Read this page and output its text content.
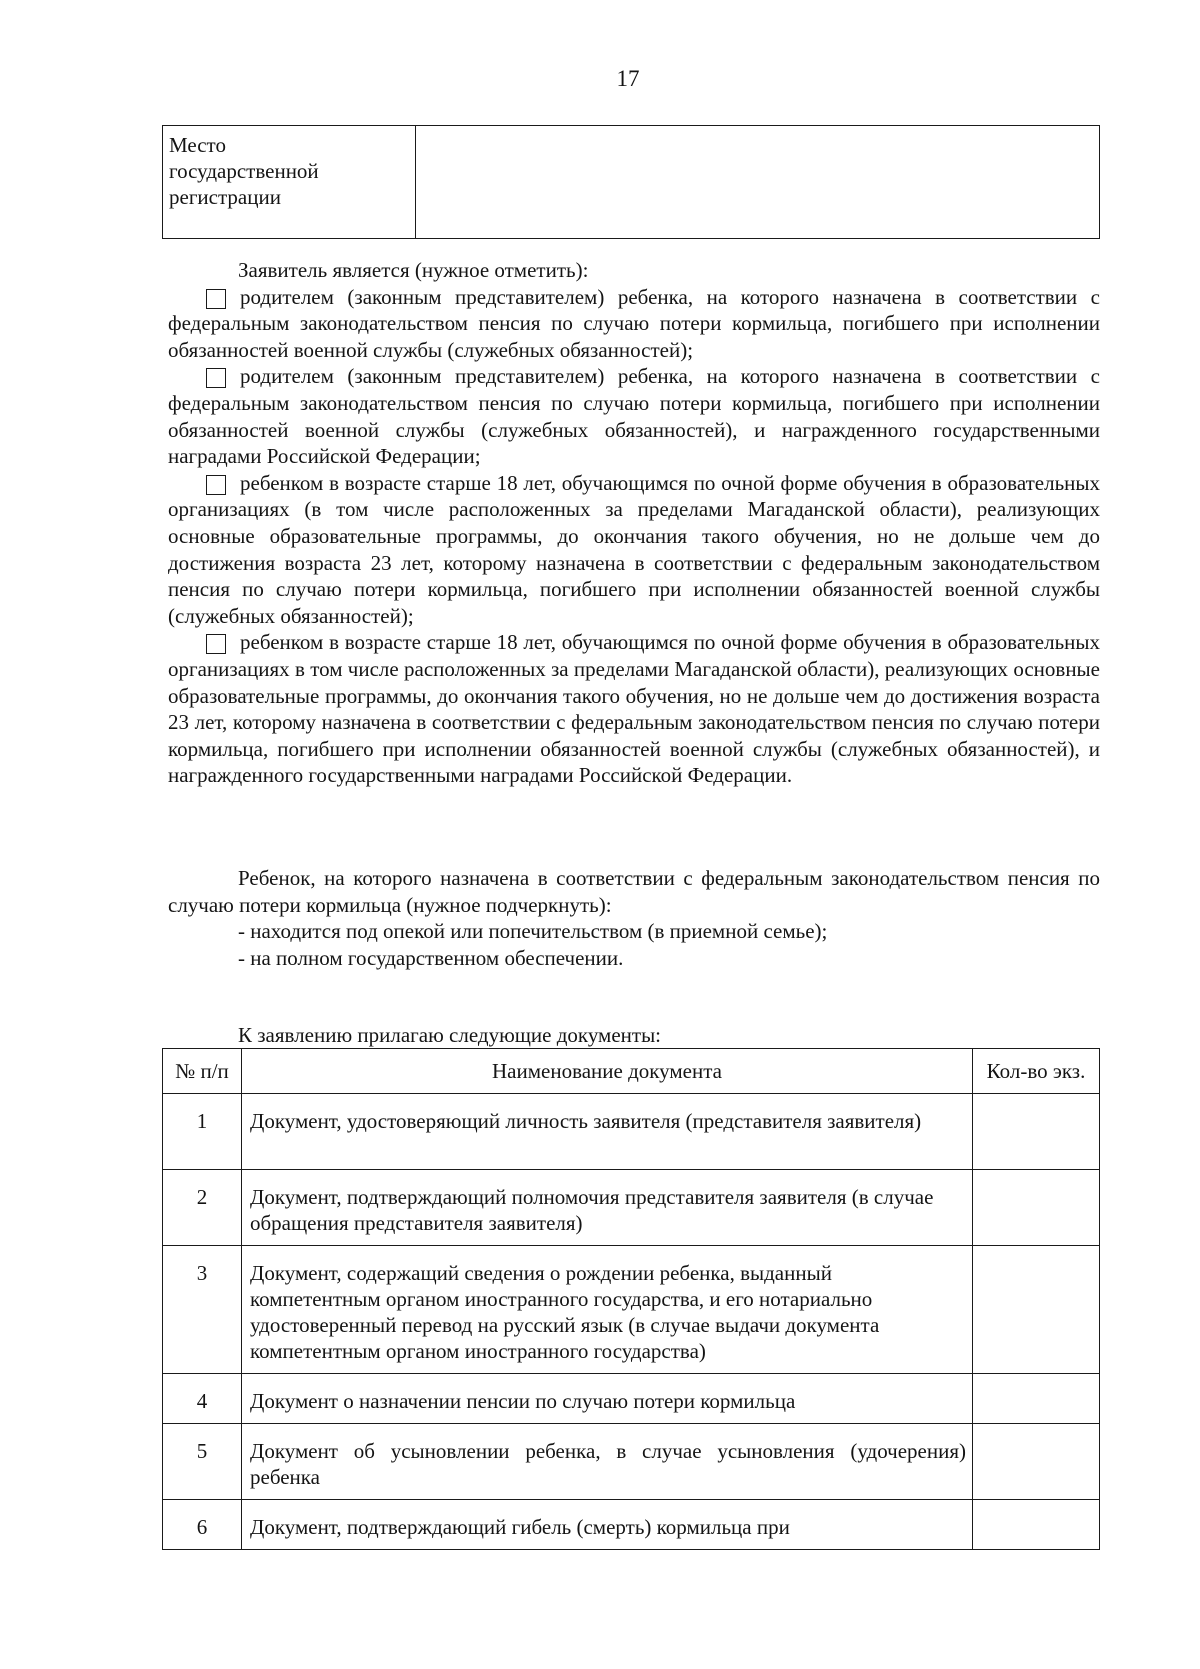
17
Место
государственной
регистрации	
Заявитель является (нужное отметить):
родителем (законным представителем) ребенка, на которого назначена в соответствии с федеральным законодательством пенсия по случаю потери кормильца, погибшего при исполнении обязанностей военной службы (служебных обязанностей);
родителем (законным представителем) ребенка, на которого назначена в соответствии с федеральным законодательством пенсия по случаю потери кормильца, погибшего при исполнении обязанностей военной службы (служебных обязанностей), и награжденного государственными наградами Российской Федерации;
ребенком в возрасте старше 18 лет, обучающимся по очной форме обучения в образовательных организациях (в том числе расположенных за пределами Магаданской области), реализующих основные образовательные программы, до окончания такого обучения, но не дольше чем до достижения возраста 23 лет, которому назначена в соответствии с федеральным законодательством пенсия по случаю потери кормильца, погибшего при исполнении обязанностей военной службы (служебных обязанностей);
ребенком в возрасте старше 18 лет, обучающимся по очной форме обучения в образовательных организациях в том числе расположенных за пределами Магаданской области), реализующих основные образовательные программы, до окончания такого обучения, но не дольше чем до достижения возраста 23 лет, которому назначена в соответствии с федеральным законодательством пенсия по случаю потери кормильца, погибшего при исполнении обязанностей военной службы (служебных обязанностей), и награжденного государственными наградами Российской Федерации.
Ребенок, на которого назначена в соответствии с федеральным законодательством пенсия по случаю потери кормильца (нужное подчеркнуть):
- находится под опекой или попечительством (в приемной семье);
- на полном государственном обеспечении.
К заявлению прилагаю следующие документы:
№ п/п	Наименование документа	Кол-во экз.
1	Документ, удостоверяющий личность заявителя (представителя заявителя)	
2	Документ, подтверждающий полномочия представителя заявителя (в случае обращения представителя заявителя)	
3	Документ, содержащий сведения о рождении ребенка, выданный компетентным органом иностранного государства, и его нотариально удостоверенный перевод на русский язык (в случае выдачи документа компетентным органом иностранного государства)	
4	Документ о назначении пенсии по случаю потери кормильца	
5	Документ об усыновлении ребенка, в случае усыновления (удочерения) ребенка	
6	Документ, подтверждающий гибель (смерть) кормильца при	
